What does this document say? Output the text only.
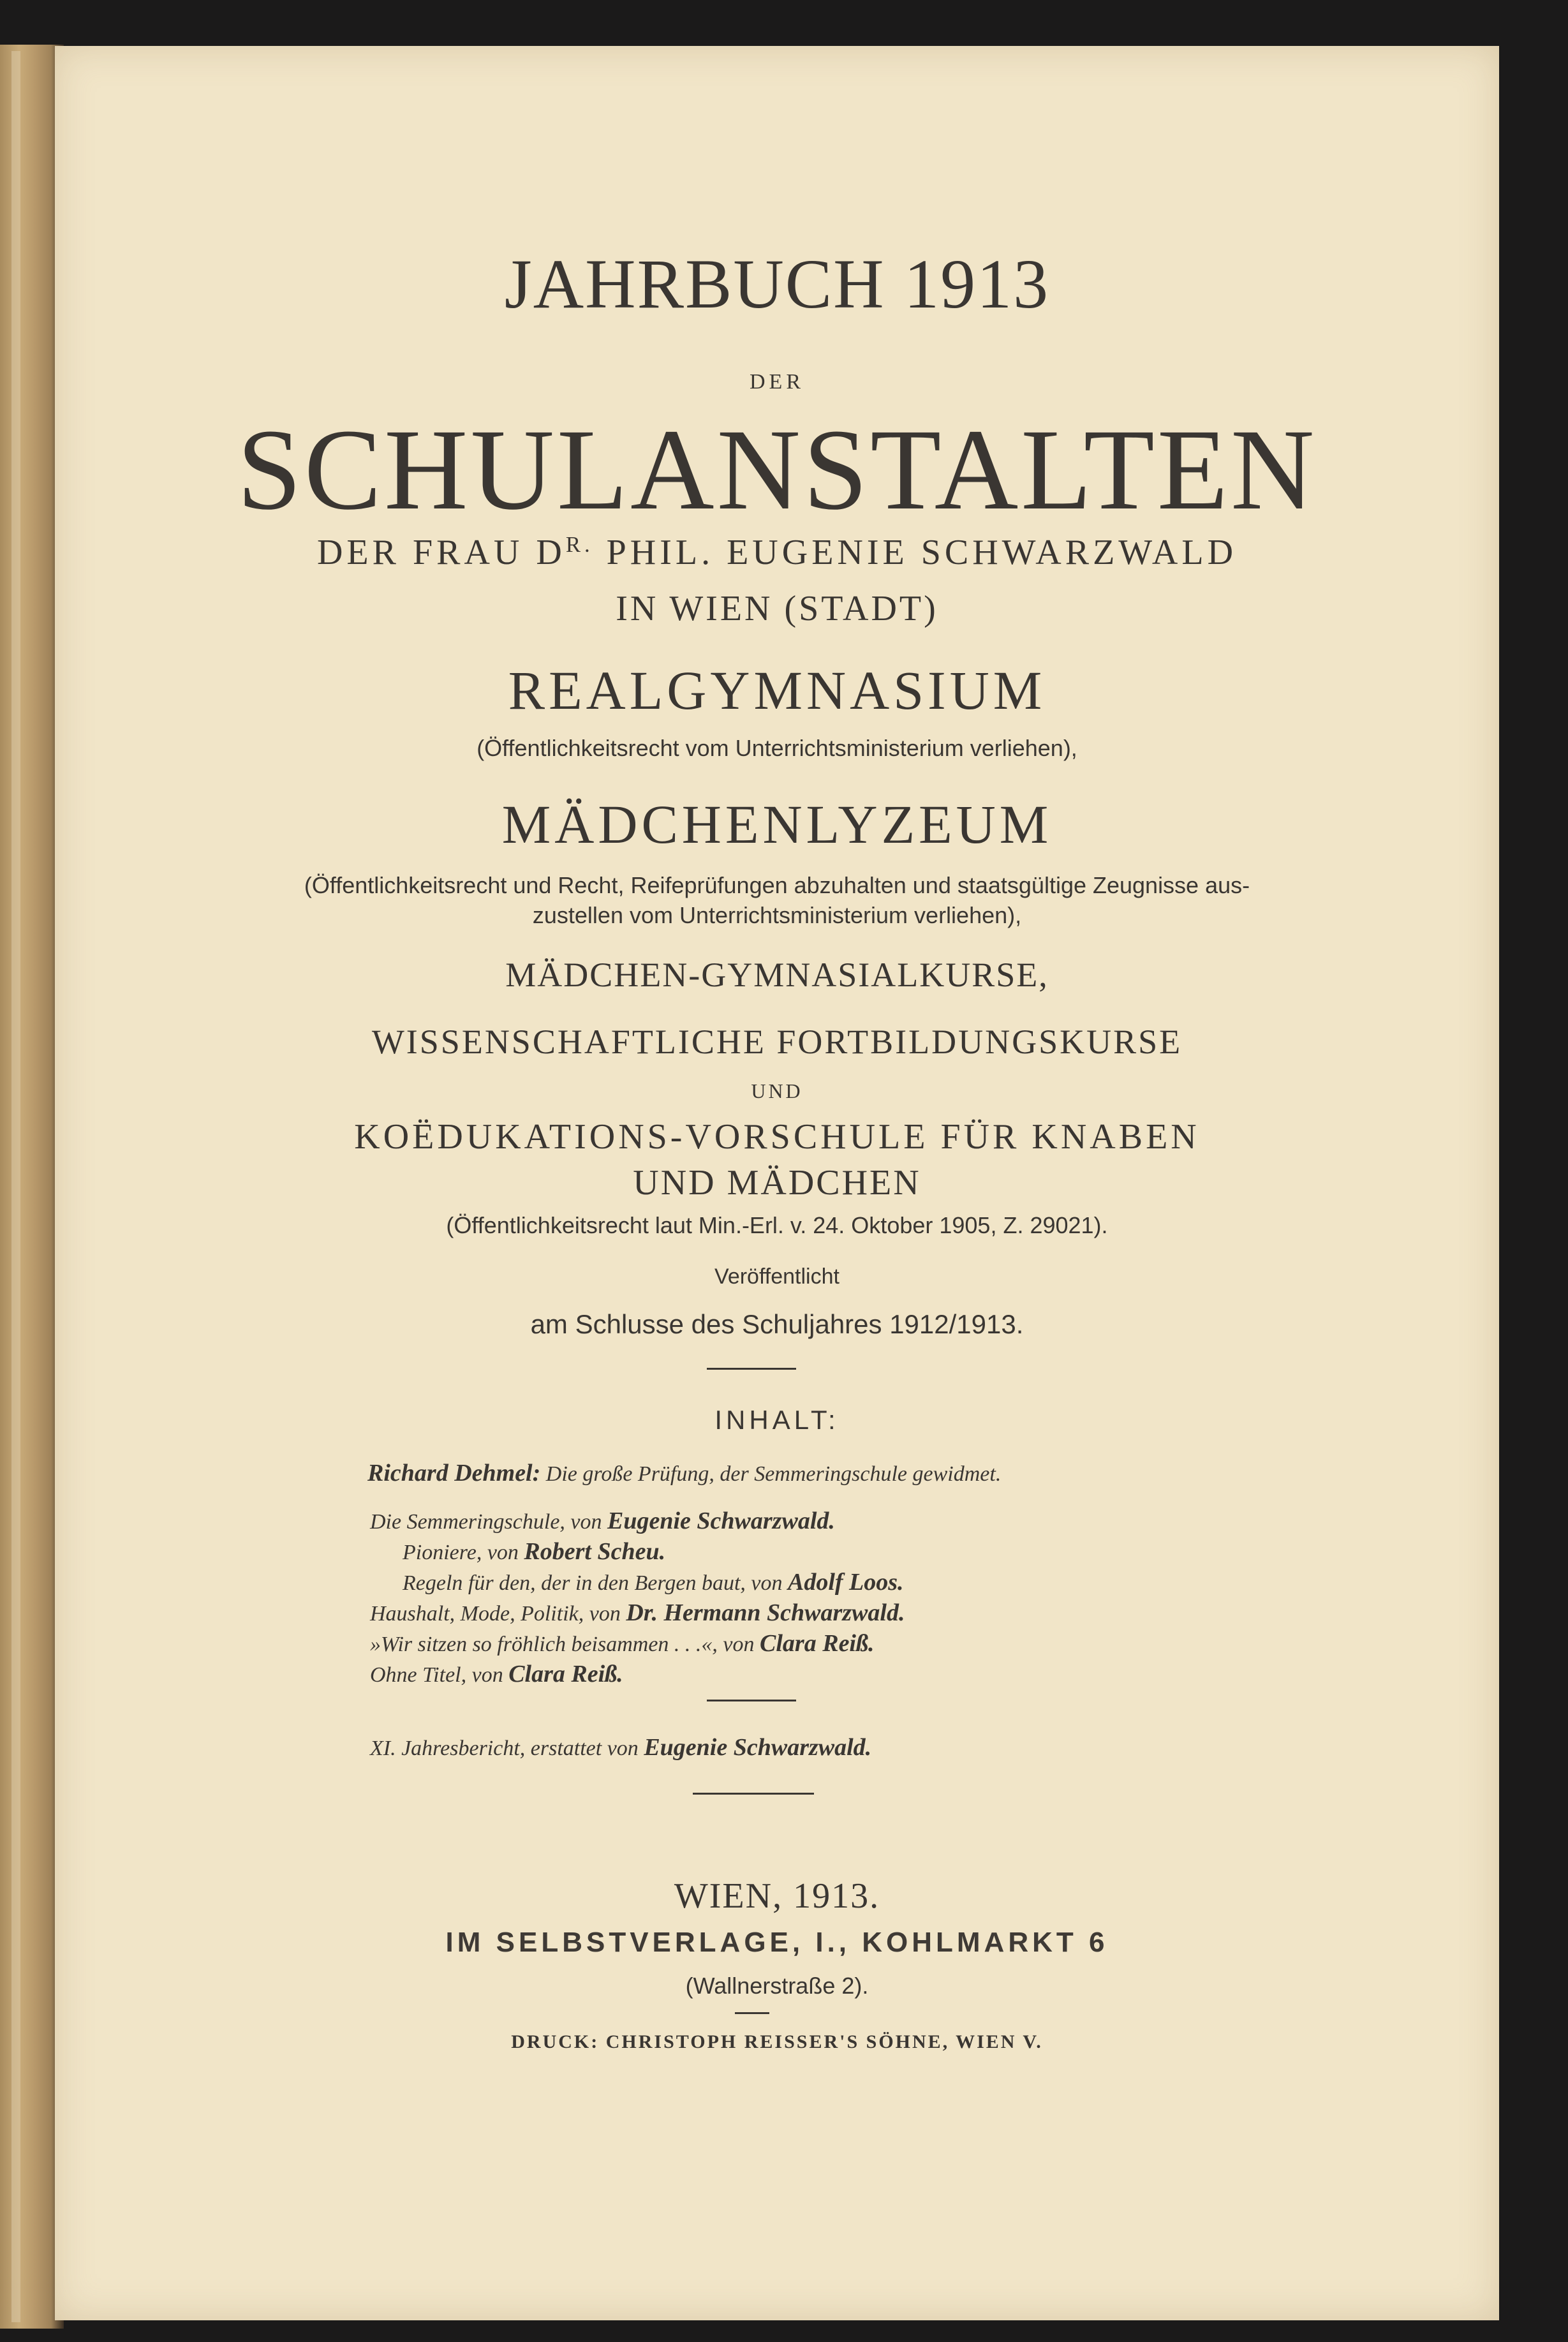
JAHRBUCH 1913
DER
SCHULANSTALTEN
DER FRAU $D^{R.}$ PHIL. EUGENIE SCHWARZWALD
IN WIEN (STADT)
REALGYMNASIUM
(Öffentlichkeitsrecht vom Unterrichtsministerium verliehen),
MÄDCHENLYZEUM
(Öffentlichkeitsrecht und Recht, Reifeprüfungen abzuhalten und staatsgültige Zeugnisse aus-
zustellen vom Unterrichtsministerium verliehen),
MÄDCHEN-GYMNASIALKURSE,
WISSENSCHAFTLICHE FORTBILDUNGSKURSE
UND
KOËDUKATIONS-VORSCHULE FÜR KNABEN
UND MÄDCHEN
(Öffentlichkeitsrecht laut Min.-Erl. v. 24. Oktober 1905, Z. 29021).
Veröffentlicht
am Schlusse des Schuljahres 1912/1913.
INHALT:
Richard Dehmel: Die große Prüfung, der Semmeringschule gewidmet.
Die Semmeringschule, von Eugenie Schwarzwald.
Pioniere, von Robert Scheu.
Regeln für den, der in den Bergen baut, von Adolf Loos.
Haushalt, Mode, Politik, von Dr. Hermann Schwarzwald.
»Wir sitzen so fröhlich beisammen . . .«, von Clara Reiß.
Ohne Titel, von Clara Reiß.
XI. Jahresbericht, erstattet von Eugenie Schwarzwald.
WIEN, 1913.
IM SELBSTVERLAGE, I., KOHLMARKT 6
(Wallnerstraße 2).
DRUCK: CHRISTOPH REISSER'S SÖHNE, WIEN V.
